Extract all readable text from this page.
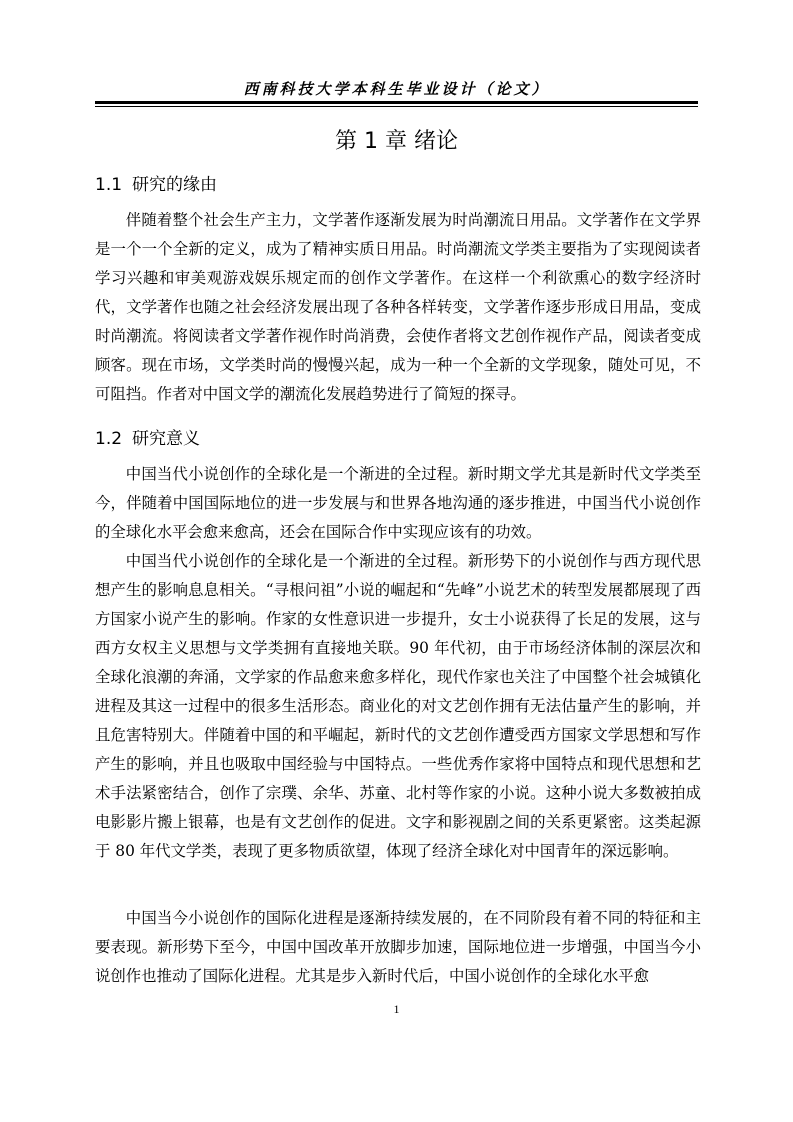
西南科技大学本科生毕业设计（论文）
第 1 章 绪论
1.1 研究的缘由

伴随着整个社会生产主力，文学著作逐渐发展为时尚潮流日用品。文学著作在文学界是一个一个全新的定义，成为了精神实质日用品。时尚潮流文学类主要指为了实现阅读者学习兴趣和审美观游戏娱乐规定而的创作文学著作。在这样一个利欲熏心的数字经济时代，文学著作也随之社会经济发展出现了各种各样转变，文学著作逐步形成日用品，变成时尚潮流。将阅读者文学著作视作时尚消费，会使作者将文艺创作视作产品，阅读者变成顾客。现在市场，文学类时尚的慢慢兴起，成为一种一个全新的文学现象，随处可见，不可阻挡。作者对中国文学的潮流化发展趋势进行了简短的探寻。

1.2 研究意义

中国当代小说创作的全球化是一个渐进的全过程。新时期文学尤其是新时代文学类至今，伴随着中国国际地位的进一步发展与和世界各地沟通的逐步推进，中国当代小说创作的全球化水平会愈来愈高，还会在国际合作中实现应该有的功效。

中国当代小说创作的全球化是一个渐进的全过程。新形势下的小说创作与西方现代思想产生的影响息息相关。“寻根问祖”小说的崛起和“先峰”小说艺术的转型发展都展现了西方国家小说产生的影响。作家的女性意识进一步提升，女士小说获得了长足的发展，这与西方女权主义思想与文学类拥有直接地关联。90 年代初，由于市场经济体制的深层次和全球化浪潮的奔涌，文学家的作品愈来愈多样化，现代作家也关注了中国整个社会城镇化进程及其这一过程中的很多生活形态。商业化的对文艺创作拥有无法估量产生的影响，并且危害特别大。伴随着中国的和平崛起，新时代的文艺创作遭受西方国家文学思想和写作产生的影响，并且也吸取中国经验与中国特点。一些优秀作家将中国特点和现代思想和艺术手法紧密结合，创作了宗璞、余华、苏童、北村等作家的小说。这种小说大多数被拍成电影影片搬上银幕，也是有文艺创作的促进。文字和影视剧之间的关系更紧密。这类起源于 80 年代文学类，表现了更多物质欲望，体现了经济全球化对中国青年的深远影响。

中国当今小说创作的国际化进程是逐渐持续发展的，在不同阶段有着不同的特征和主要表现。新形势下至今，中国中国改革开放脚步加速，国际地位进一步增强，中国当今小说创作也推动了国际化进程。尤其是步入新时代后，中国小说创作的全球化水平愈

1
